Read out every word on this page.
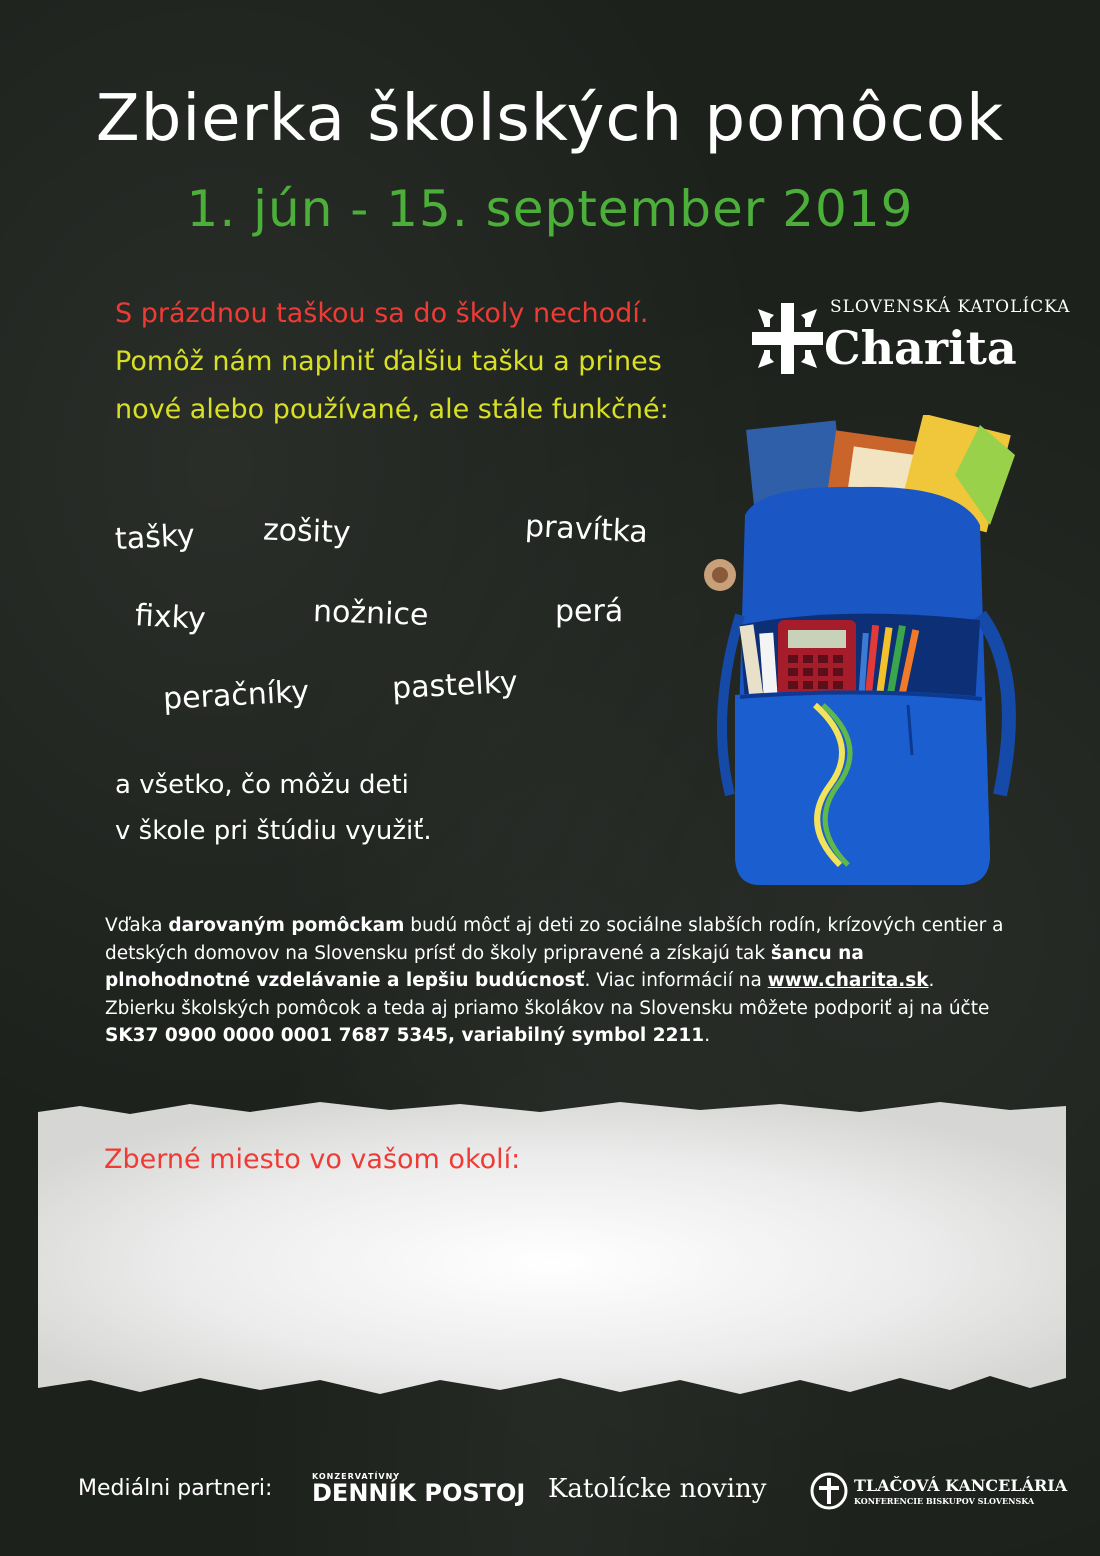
Zbierka školských pomôcok
1. jún - 15. september 2019
S prázdnou taškou sa do školy nechodí.
Pomôž nám naplniť ďalšiu tašku a prines
nové alebo používané, ale stále funkčné:
tašky zošity	pravítka
fixky	nožnice	perá
peračníky	pastelky
a všetko, čo môžu deti
v škole pri štúdiu využiť.
SLOVENSKÁ KATOLÍCKA
Charita
Vďaka darovaným pomôckam budú môcť aj deti zo sociálne slabších rodín, krízových centier a detských domovov na Slovensku prísť do školy pripravené a získajú tak šancu na plnohodnotné vzdelávanie a lepšiu budúcnosť. Viac informácií na www.charita.sk. Zbierku školských pomôcok a teda aj priamo školákov na Slovensku môžete podporiť aj na účte SK37 0900 0000 0001 7687 5345, variabilný symbol 2211.
Zberné miesto vo vašom okolí:
Mediálni partneri:	KONZERVATÍVNY
DENNÍK POSTOJ Katolícke noviny	TLAČOVÁ KANCELÁRIA
KONFERENCIE BISKUPOV SLOVENSKA
